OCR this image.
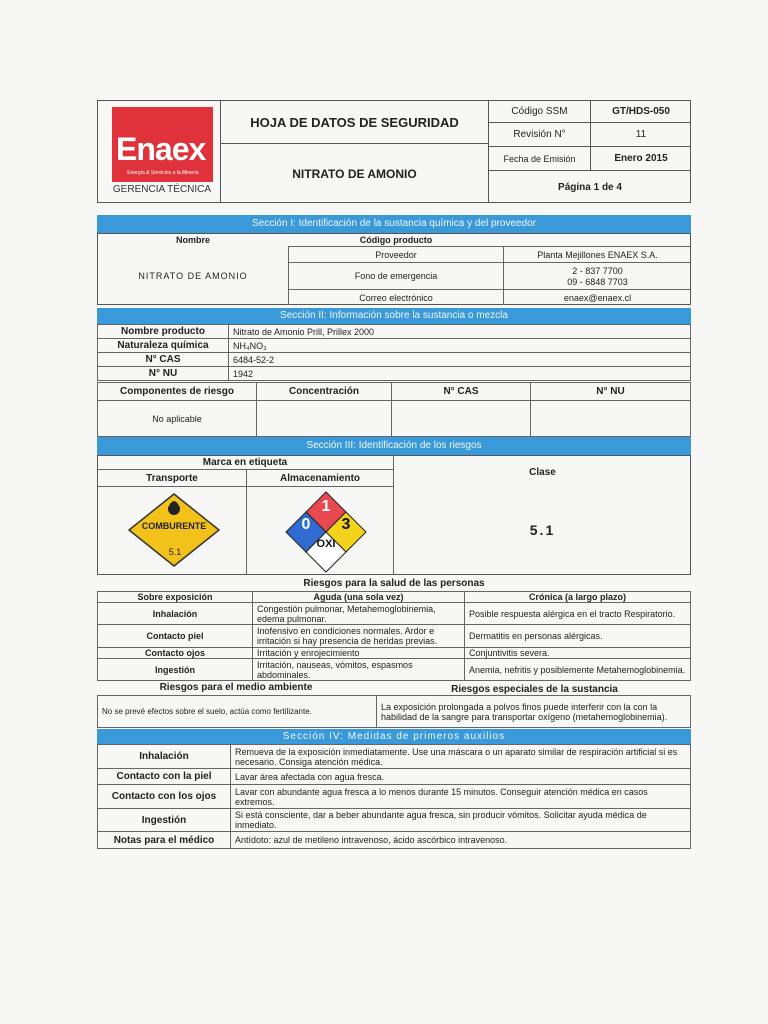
Enaex
Energía & Servicios a la Minería
GERENCIA TÉCNICA
HOJA DE DATOS DE SEGURIDAD
NITRATO DE AMONIO
Código SSM	GT/HDS-050
Revisión N°	11
Fecha de Emisión	Enero 2015
Página 1 de 4
Sección I: Identificación de la sustancia química y del proveedor
Nombre	Código producto
NITRATO DE AMONIO
Proveedor	Planta Mejillones ENAEX S.A.
Fono de emergencia	2 - 837 7700
09 - 6848 7703
Correo electrónico	enaex@enaex.cl
Sección II: Información sobre la sustancia o mezcla
Nombre producto	Nitrato de Amonio Prill, Prillex 2000
Naturaleza química	NH₄NO₃
N° CAS	6484-52-2
N° NU	1942
Componentes de riesgo	Concentración	N° CAS	N° NU
No aplicable			
Sección III: Identificación de los riesgos
Marca en etiqueta
Transporte	Almacenamiento
Clase
5.1
COMBURENTE
5.1
1
0 3
OXI
Riesgos para la salud de las personas
Sobre exposición	Aguda (una sola vez)	Crónica (a largo plazo)
Inhalación	Congestión pulmonar, Metahemoglobinemia, edema pulmonar.	Posible respuesta alérgica en el tracto Respiratorio.
Contacto piel	Inofensivo en condiciones normales. Ardor e irritación si hay presencia de heridas previas.	Dermatitis en personas alérgicas.
Contacto ojos	Irritación y enrojecimiento	Conjuntivitis severa.
Ingestión	Irritación, nauseas, vómitos, espasmos abdominales.	Anemia, nefritis y posiblemente Metahemoglobinemia.
Riesgos para el medio ambiente	Riesgos especiales de la sustancia
No se prevé efectos sobre el suelo, actúa como fertilizante.	La exposición prolongada a polvos finos puede interferir con la con la habilidad de la sangre para transportar oxígeno (metahemoglobinemia).
Sección IV: Medidas de primeros auxilios
Inhalación	Remueva de la exposición inmediatamente. Use una máscara o un aparato similar de respiración artificial si es necesario. Consiga atención médica.
Contacto con la piel	Lavar área afectada con agua fresca.
Contacto con los ojos	Lavar con abundante agua fresca a lo menos durante 15 minutos. Conseguir atención médica en casos extremos.
Ingestión	Si está consciente, dar a beber abundante agua fresca, sin producir vómitos. Solicitar ayuda médica de inmediato.
Notas para el médico	Antídoto: azul de metileno intravenoso, ácido ascórbico intravenoso.
